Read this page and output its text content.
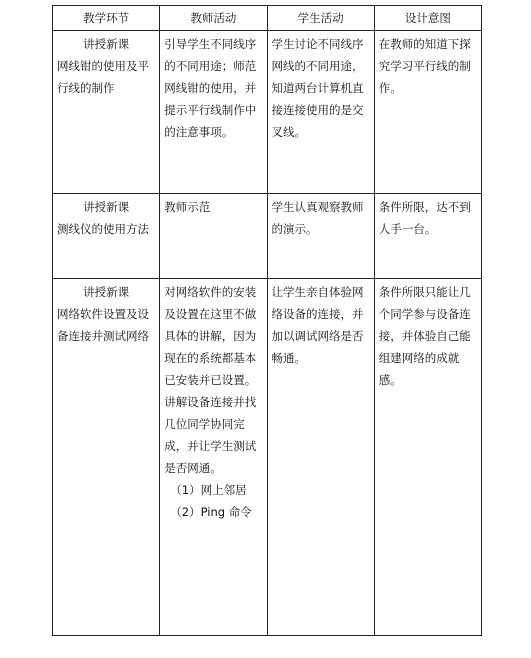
教学环节	教师活动	学生活动	设计意图

讲授新课
网线钳的使用及平行线的制作	引导学生不同线序的不同用途；师范网线钳的使用，并提示平行线制作中的注意事项。	学生讨论不同线序网线的不同用途，知道两台计算机直接连接使用的是交叉线。	在教师的知道下探究学习平行线的制作。

讲授新课
测线仪的使用方法	教师示范	学生认真观察教师的演示。	条件所限，达不到人手一台。

讲授新课
网络软件设置及设备连接并测试网络	对网络软件的安装及设置在这里不做具体的讲解，因为现在的系统都基本已安装并已设置。
讲解设备连接并找几位同学协同完成，并让学生测试是否网通。
（1）网上邻居
（2）Ping 命令	让学生亲自体验网络设备的连接，并加以调试网络是否畅通。	条件所限只能让几个同学参与设备连接，并体验自己能组建网络的成就感。
